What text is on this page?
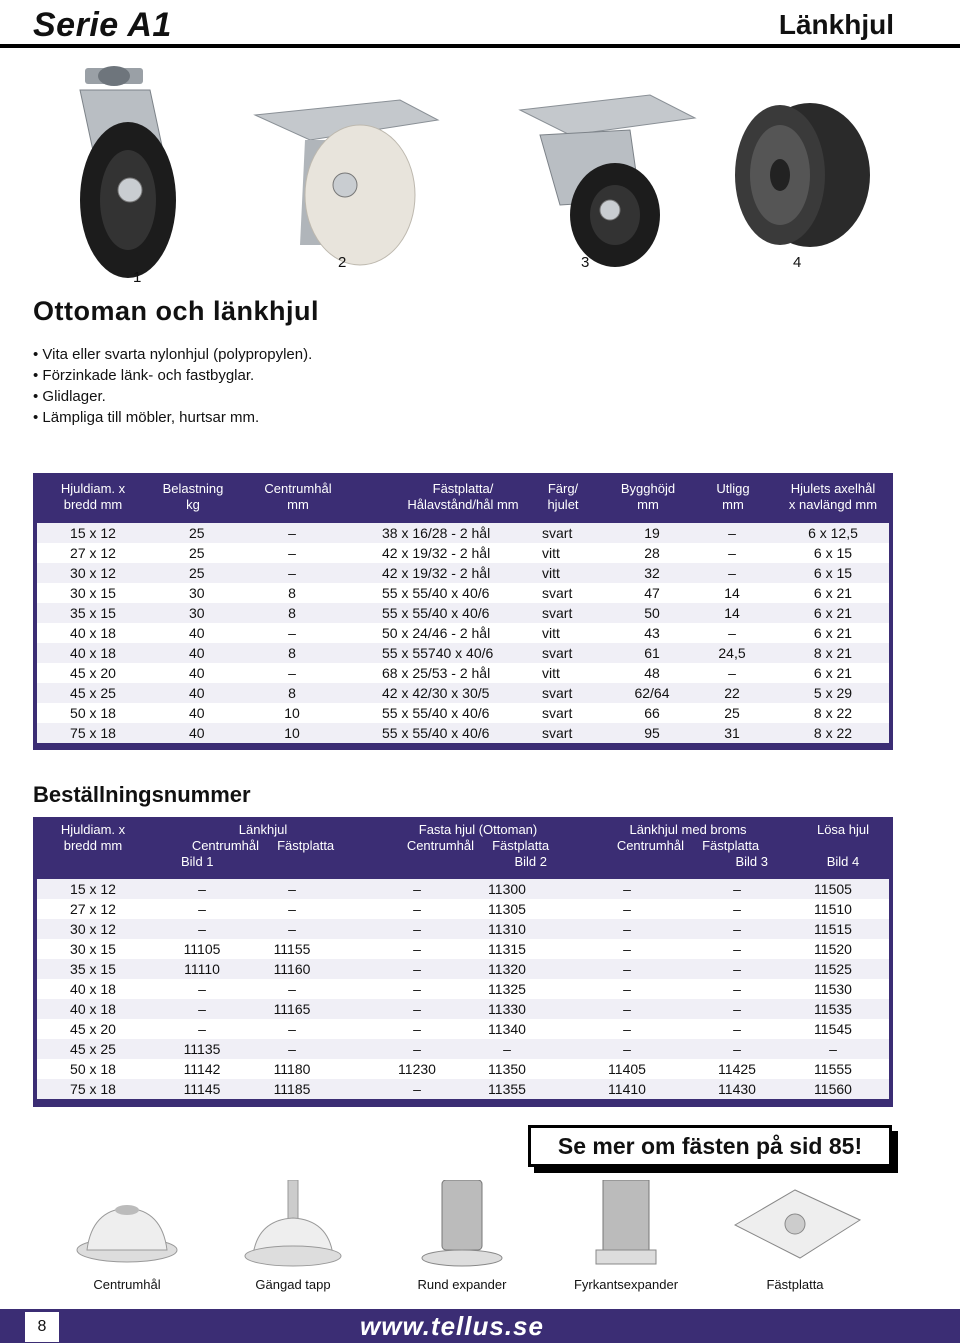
Serie A1	Länkhjul
1
2	3	4
Ottoman och länkhjul
• Vita eller svarta nylonhjul (polypropylen).
• Förzinkade länk- och fastbyglar.
• Glidlager.
• Lämpliga till möbler, hurtsar mm.
Hjuldiam. x
bredd mm
Belastning
kg
Centrumhål
mm
Fästplatta/
Hålavstånd/hål mm
Färg/
hjulet
Bygghöjd
mm
Utligg
mm
Hjulets axelhål
x navlängd mm
15 x 12	25	–	38 x 16/28 - 2 hål	svart	19	–	6 x 12,5
27 x 12	25	–	42 x 19/32 - 2 hål	vitt	28	–	6 x 15
30 x 12	25	–	42 x 19/32 - 2 hål	vitt	32	–	6 x 15
30 x 15	30	8	55 x 55/40 x 40/6	svart	47	14	6 x 21
35 x 15	30	8	55 x 55/40 x 40/6	svart	50	14	6 x 21
40 x 18	40	–	50 x 24/46 - 2 hål	vitt	43	–	6 x 21
40 x 18	40	8	55 x 55740 x 40/6	svart	61	24,5	8 x 21
45 x 20	40	–	68 x 25/53 - 2 hål	vitt	48	–	6 x 21
45 x 25	40	8	42 x 42/30 x 30/5	svart	62/64	22	5 x 29
50 x 18	40	10	55 x 55/40 x 40/6	svart	66	25	8 x 22
75 x 18	40	10	55 x 55/40 x 40/6	svart	95	31	8 x 22
Beställningsnummer
Hjuldiam. x
bredd mm
Länkhjul
Centrumhål Fästplatta
Bild 1
Fasta hjul (Ottoman)
Centrumhål Fästplatta
Bild 2
Länkhjul med broms
Centrumhål Fästplatta
Bild 3
Lösa hjul

Bild 4
15 x 12	–	–	–	11300	–	–	11505
27 x 12	–	–	–	11305	–	–	11510
30 x 12	–	–	–	11310	–	–	11515
30 x 15	11105	11155	–	11315	–	–	11520
35 x 15	11110	11160	–	11320	–	–	11525
40 x 18	–	–	–	11325	–	–	11530
40 x 18	–	11165	–	11330	–	–	11535
45 x 20	–	–	–	11340	–	–	11545
45 x 25	11135	–	–	–	–	–	–
50 x 18	11142	11180	11230	11350	11405	11425	11555
75 x 18	11145	11185	–	11355	11410	11430	11560
Se mer om fästen på sid 85!
Centrumhål	Gängad tapp	Rund expander	Fyrkantsexpander	Fästplatta
8	www.tellus.se
